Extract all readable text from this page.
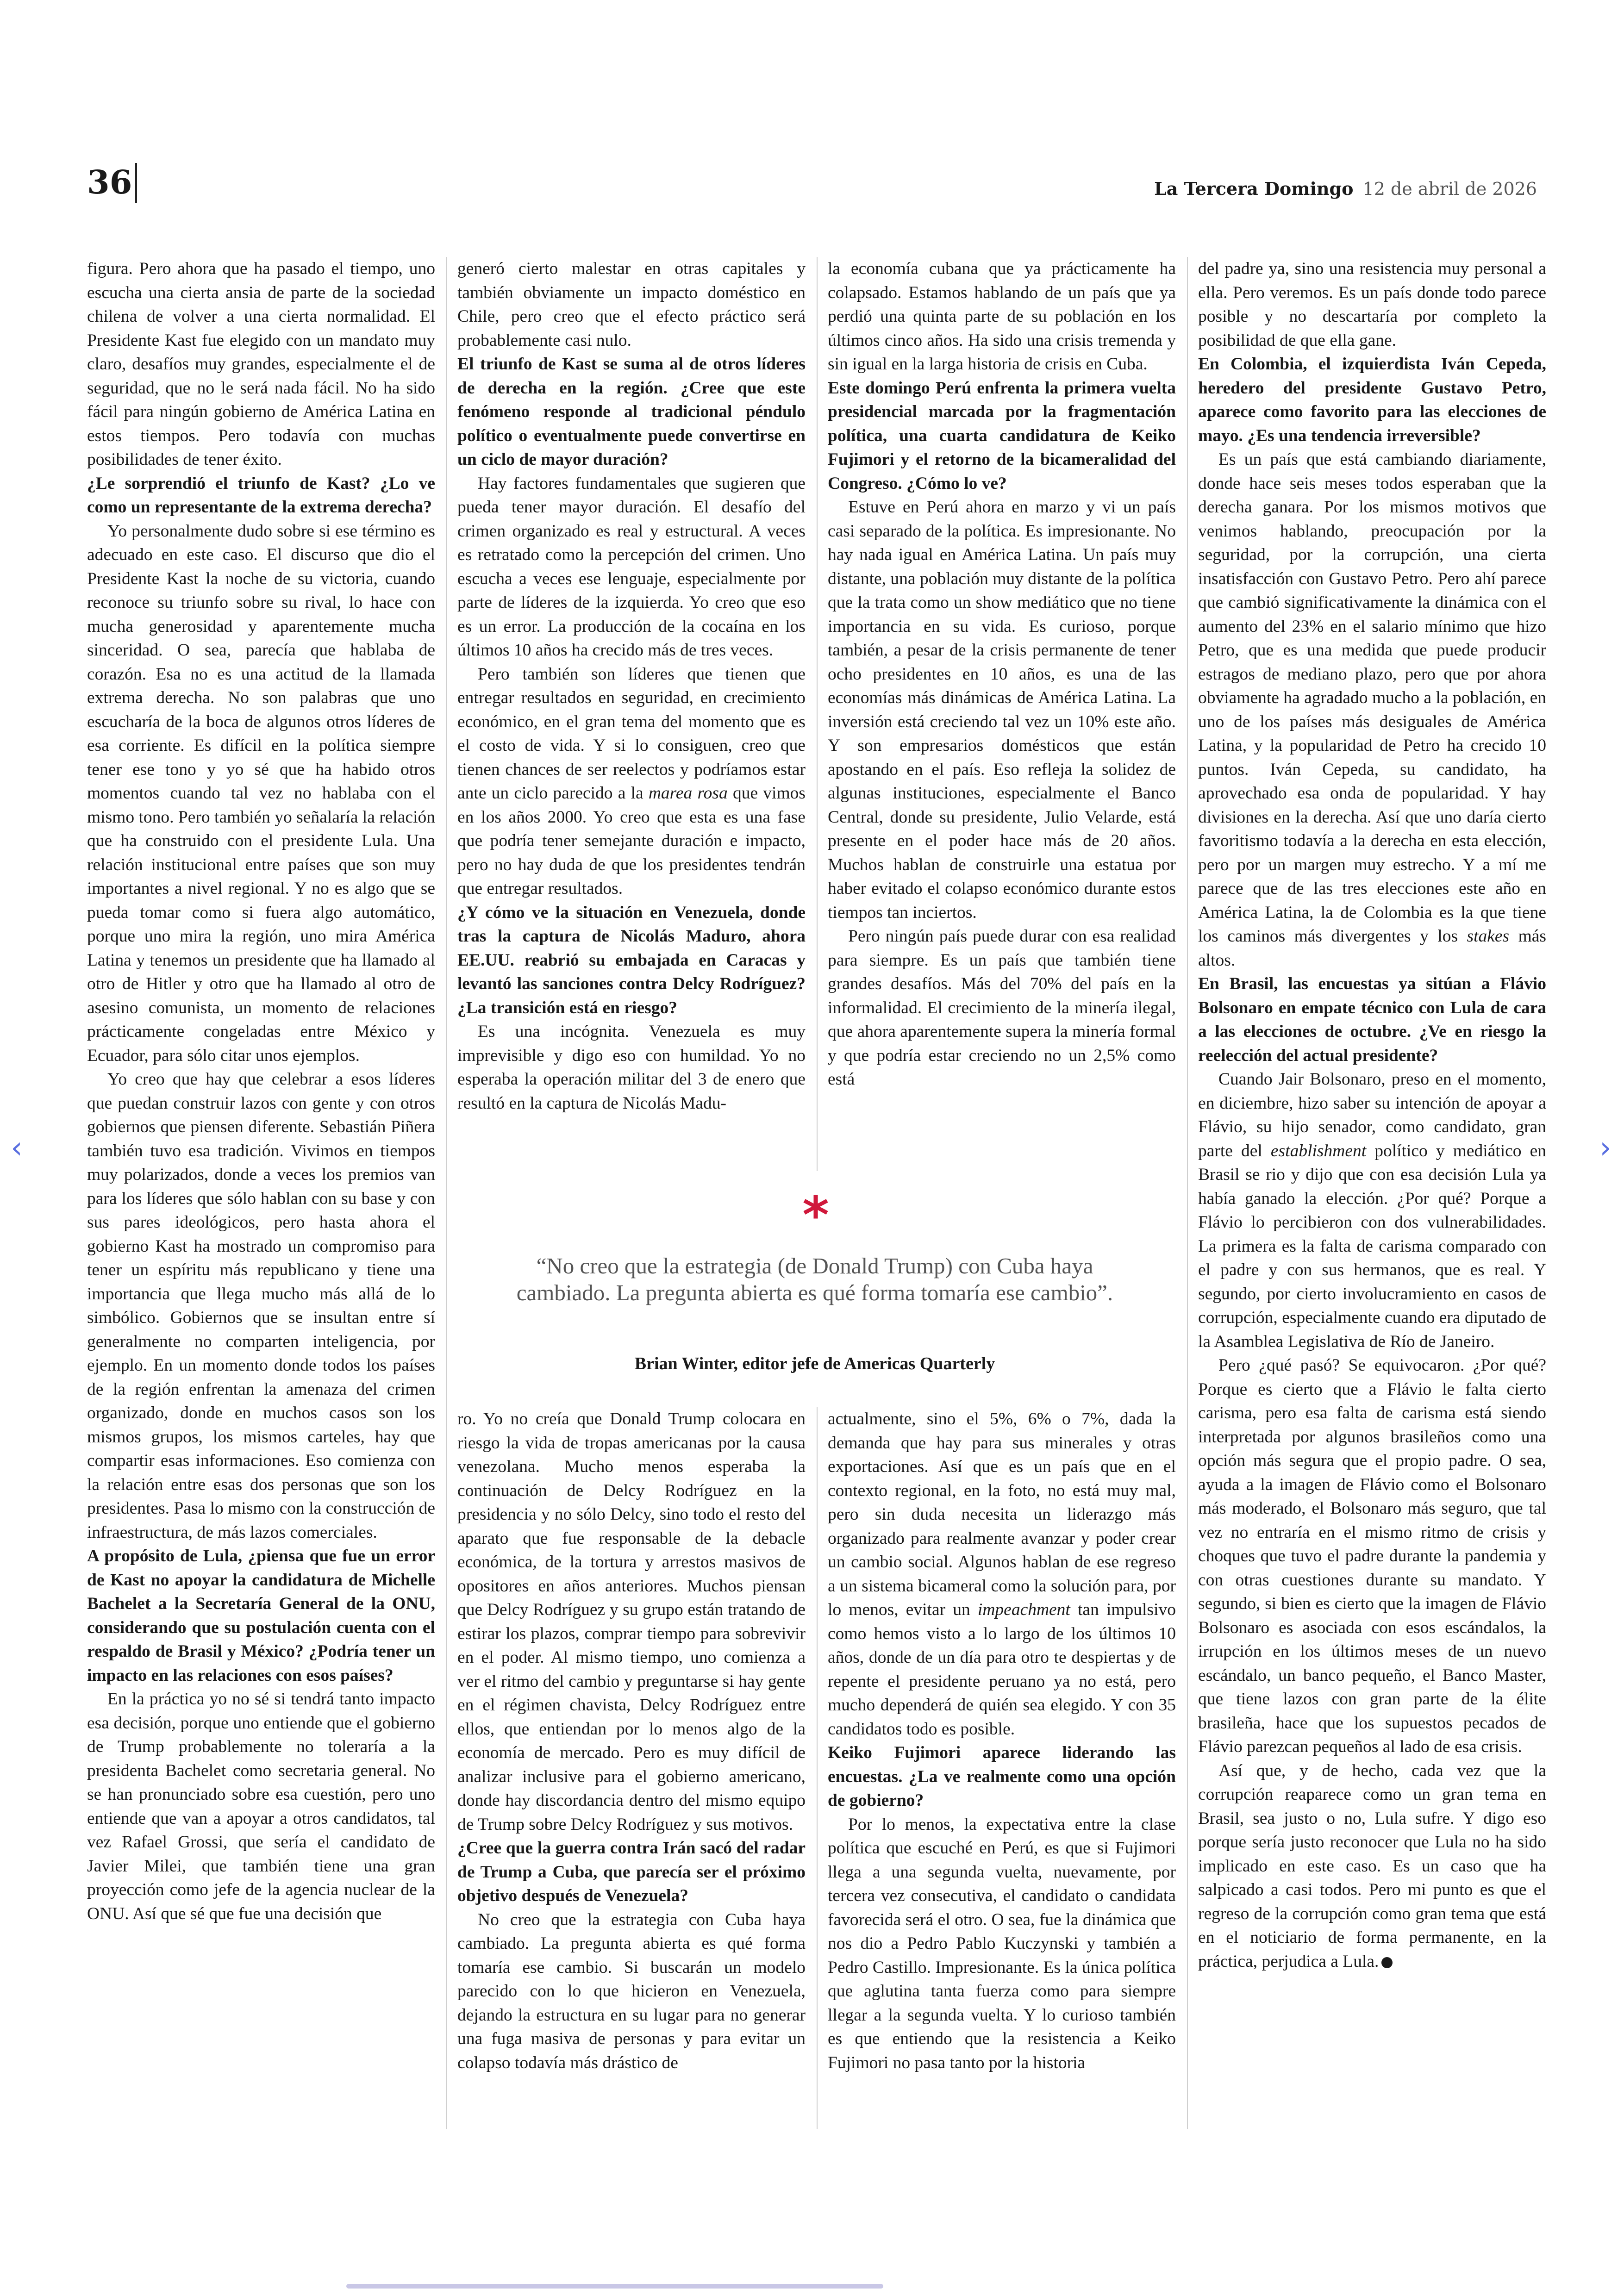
36	La Tercera Domingo 12 de abril de 2026

figura. Pero ahora que ha pasado el tiempo, uno escucha una cierta ansia de parte de la sociedad chilena de volver a una cierta normalidad. El Presidente Kast fue elegido con un mandato muy claro, desafíos muy grandes, especialmente el de seguridad, que no le será nada fácil. No ha sido fácil para ningún gobierno de América Latina en estos tiempos. Pero todavía con muchas posibilidades de tener éxito.

¿Le sorprendió el triunfo de Kast? ¿Lo ve como un representante de la extrema derecha?

Yo personalmente dudo sobre si ese término es adecuado en este caso. El discurso que dio el Presidente Kast la noche de su victoria, cuando reconoce su triunfo sobre su rival, lo hace con mucha generosidad y aparentemente mucha sinceridad. O sea, parecía que hablaba de corazón. Esa no es una actitud de la llamada extrema derecha. No son palabras que uno escucharía de la boca de algunos otros líderes de esa corriente. Es difícil en la política siempre tener ese tono y yo sé que ha habido otros momentos cuando tal vez no hablaba con el mismo tono. Pero también yo señalaría la relación que ha construido con el presidente Lula. Una relación institucional entre países que son muy importantes a nivel regional. Y no es algo que se pueda tomar como si fuera algo automático, porque uno mira la región, uno mira América Latina y tenemos un presidente que ha llamado al otro de Hitler y otro que ha llamado al otro de asesino comunista, un momento de relaciones prácticamente congeladas entre México y Ecuador, para sólo citar unos ejemplos.

Yo creo que hay que celebrar a esos líderes que puedan construir lazos con gente y con otros gobiernos que piensen diferente. Sebastián Piñera también tuvo esa tradición. Vivimos en tiempos muy polarizados, donde a veces los premios van para los líderes que sólo hablan con su base y con sus pares ideológicos, pero hasta ahora el gobierno Kast ha mostrado un compromiso para tener un espíritu más republicano y tiene una importancia que llega mucho más allá de lo simbólico. Gobiernos que se insultan entre sí generalmente no comparten inteligencia, por ejemplo. En un momento donde todos los países de la región enfrentan la amenaza del crimen organizado, donde en muchos casos son los mismos grupos, los mismos carteles, hay que compartir esas informaciones. Eso comienza con la relación entre esas dos personas que son los presidentes. Pasa lo mismo con la construcción de infraestructura, de más lazos comerciales.

A propósito de Lula, ¿piensa que fue un error de Kast no apoyar la candidatura de Michelle Bachelet a la Secretaría General de la ONU, considerando que su postulación cuenta con el respaldo de Brasil y México? ¿Podría tener un impacto en las relaciones con esos países?

En la práctica yo no sé si tendrá tanto impacto esa decisión, porque uno entiende que el gobierno de Trump probablemente no toleraría a la presidenta Bachelet como secretaria general. No se han pronunciado sobre esa cuestión, pero uno entiende que van a apoyar a otros candidatos, tal vez Rafael Grossi, que sería el candidato de Javier Milei, que también tiene una gran proyección como jefe de la agencia nuclear de la ONU. Así que sé que fue una decisión que

generó cierto malestar en otras capitales y también obviamente un impacto doméstico en Chile, pero creo que el efecto práctico será probablemente casi nulo.

El triunfo de Kast se suma al de otros líderes de derecha en la región. ¿Cree que este fenómeno responde al tradicional péndulo político o eventualmente puede convertirse en un ciclo de mayor duración?

Hay factores fundamentales que sugieren que pueda tener mayor duración. El desafío del crimen organizado es real y estructural. A veces es retratado como la percepción del crimen. Uno escucha a veces ese lenguaje, especialmente por parte de líderes de la izquierda. Yo creo que eso es un error. La producción de la cocaína en los últimos 10 años ha crecido más de tres veces.

Pero también son líderes que tienen que entregar resultados en seguridad, en crecimiento económico, en el gran tema del momento que es el costo de vida. Y si lo consiguen, creo que tienen chances de ser reelectos y podríamos estar ante un ciclo parecido a la marea rosa que vimos en los años 2000. Yo creo que esta es una fase que podría tener semejante duración e impacto, pero no hay duda de que los presidentes tendrán que entregar resultados.

¿Y cómo ve la situación en Venezuela, donde tras la captura de Nicolás Maduro, ahora EE.UU. reabrió su embajada en Caracas y levantó las sanciones contra Delcy Rodríguez? ¿La transición está en riesgo?

Es una incógnita. Venezuela es muy imprevisible y digo eso con humildad. Yo no esperaba la operación militar del 3 de enero que resultó en la captura de Nicolás Madu-

la economía cubana que ya prácticamente ha colapsado. Estamos hablando de un país que ya perdió una quinta parte de su población en los últimos cinco años. Ha sido una crisis tremenda y sin igual en la larga historia de crisis en Cuba.

Este domingo Perú enfrenta la primera vuelta presidencial marcada por la fragmentación política, una cuarta candidatura de Keiko Fujimori y el retorno de la bicameralidad del Congreso. ¿Cómo lo ve?

Estuve en Perú ahora en marzo y vi un país casi separado de la política. Es impresionante. No hay nada igual en América Latina. Un país muy distante, una población muy distante de la política que la trata como un show mediático que no tiene importancia en su vida. Es curioso, porque también, a pesar de la crisis permanente de tener ocho presidentes en 10 años, es una de las economías más dinámicas de América Latina. La inversión está creciendo tal vez un 10% este año. Y son empresarios domésticos que están apostando en el país. Eso refleja la solidez de algunas instituciones, especialmente el Banco Central, donde su presidente, Julio Velarde, está presente en el poder hace más de 20 años. Muchos hablan de construirle una estatua por haber evitado el colapso económico durante estos tiempos tan inciertos.

Pero ningún país puede durar con esa realidad para siempre. Es un país que también tiene grandes desafíos. Más del 70% del país en la informalidad. El crecimiento de la minería ilegal, que ahora aparentemente supera la minería formal y que podría estar creciendo no un 2,5% como está

del padre ya, sino una resistencia muy personal a ella. Pero veremos. Es un país donde todo parece posible y no descartaría por completo la posibilidad de que ella gane.

En Colombia, el izquierdista Iván Cepeda, heredero del presidente Gustavo Petro, aparece como favorito para las elecciones de mayo. ¿Es una tendencia irreversible?

Es un país que está cambiando diariamente, donde hace seis meses todos esperaban que la derecha ganara. Por los mismos motivos que venimos hablando, preocupación por la seguridad, por la corrupción, una cierta insatisfacción con Gustavo Petro. Pero ahí parece que cambió significativamente la dinámica con el aumento del 23% en el salario mínimo que hizo Petro, que es una medida que puede producir estragos de mediano plazo, pero que por ahora obviamente ha agradado mucho a la población, en uno de los países más desiguales de América Latina, y la popularidad de Petro ha crecido 10 puntos. Iván Cepeda, su candidato, ha aprovechado esa onda de popularidad. Y hay divisiones en la derecha. Así que uno daría cierto favoritismo todavía a la derecha en esta elección, pero por un margen muy estrecho. Y a mí me parece que de las tres elecciones este año en América Latina, la de Colombia es la que tiene los caminos más divergentes y los stakes más altos.

En Brasil, las encuestas ya sitúan a Flávio Bolsonaro en empate técnico con Lula de cara a las elecciones de octubre. ¿Ve en riesgo la reelección del actual presidente?

Cuando Jair Bolsonaro, preso en el momento, en diciembre, hizo saber su intención de apoyar a Flávio, su hijo senador, como candidato, gran parte del establishment político y mediático en Brasil se rio y dijo que con esa decisión Lula ya había ganado la elección. ¿Por qué? Porque a Flávio lo percibieron con dos vulnerabilidades. La primera es la falta de carisma comparado con el padre y con sus hermanos, que es real. Y segundo, por cierto involucramiento en casos de corrupción, especialmente cuando era diputado de la Asamblea Legislativa de Río de Janeiro.

Pero ¿qué pasó? Se equivocaron. ¿Por qué? Porque es cierto que a Flávio le falta cierto carisma, pero esa falta de carisma está siendo interpretada por algunos brasileños como una opción más segura que el propio padre. O sea, ayuda a la imagen de Flávio como el Bolsonaro más moderado, el Bolsonaro más seguro, que tal vez no entraría en el mismo ritmo de crisis y choques que tuvo el padre durante la pandemia y con otras cuestiones durante su mandato. Y segundo, si bien es cierto que la imagen de Flávio Bolsonaro es asociada con esos escándalos, la irrupción en los últimos meses de un nuevo escándalo, un banco pequeño, el Banco Master, que tiene lazos con gran parte de la élite brasileña, hace que los supuestos pecados de Flávio parezcan pequeños al lado de esa crisis.

Así que, y de hecho, cada vez que la corrupción reaparece como un gran tema en Brasil, sea justo o no, Lula sufre. Y digo eso porque sería justo reconocer que Lula no ha sido implicado en este caso. Es un caso que ha salpicado a casi todos. Pero mi punto es que el regreso de la corrupción como gran tema que está en el noticiario de forma permanente, en la práctica, perjudica a Lula.

*

“No creo que la estrategia (de Donald Trump) con Cuba haya cambiado. La pregunta abierta es qué forma tomaría ese cambio”.

Brian Winter, editor jefe de Americas Quarterly

ro. Yo no creía que Donald Trump colocara en riesgo la vida de tropas americanas por la causa venezolana. Mucho menos esperaba la continuación de Delcy Rodríguez en la presidencia y no sólo Delcy, sino todo el resto del aparato que fue responsable de la debacle económica, de la tortura y arrestos masivos de opositores en años anteriores. Muchos piensan que Delcy Rodríguez y su grupo están tratando de estirar los plazos, comprar tiempo para sobrevivir en el poder. Al mismo tiempo, uno comienza a ver el ritmo del cambio y preguntarse si hay gente en el régimen chavista, Delcy Rodríguez entre ellos, que entiendan por lo menos algo de la economía de mercado. Pero es muy difícil de analizar inclusive para el gobierno americano, donde hay discordancia dentro del mismo equipo de Trump sobre Delcy Rodríguez y sus motivos.

¿Cree que la guerra contra Irán sacó del radar de Trump a Cuba, que parecía ser el próximo objetivo después de Venezuela?

No creo que la estrategia con Cuba haya cambiado. La pregunta abierta es qué forma tomaría ese cambio. Si buscarán un modelo parecido con lo que hicieron en Venezuela, dejando la estructura en su lugar para no generar una fuga masiva de personas y para evitar un colapso todavía más drástico de

actualmente, sino el 5%, 6% o 7%, dada la demanda que hay para sus minerales y otras exportaciones. Así que es un país que en el contexto regional, en la foto, no está muy mal, pero sin duda necesita un liderazgo más organizado para realmente avanzar y poder crear un cambio social. Algunos hablan de ese regreso a un sistema bicameral como la solución para, por lo menos, evitar un impeachment tan impulsivo como hemos visto a lo largo de los últimos 10 años, donde de un día para otro te despiertas y de repente el presidente peruano ya no está, pero mucho dependerá de quién sea elegido. Y con 35 candidatos todo es posible.

Keiko Fujimori aparece liderando las encuestas. ¿La ve realmente como una opción de gobierno?

Por lo menos, la expectativa entre la clase política que escuché en Perú, es que si Fujimori llega a una segunda vuelta, nuevamente, por tercera vez consecutiva, el candidato o candidata favorecida será el otro. O sea, fue la dinámica que nos dio a Pedro Pablo Kuczynski y también a Pedro Castillo. Impresionante. Es la única política que aglutina tanta fuerza como para siempre llegar a la segunda vuelta. Y lo curioso también es que entiendo que la resistencia a Keiko Fujimori no pasa tanto por la historia

‹	›
